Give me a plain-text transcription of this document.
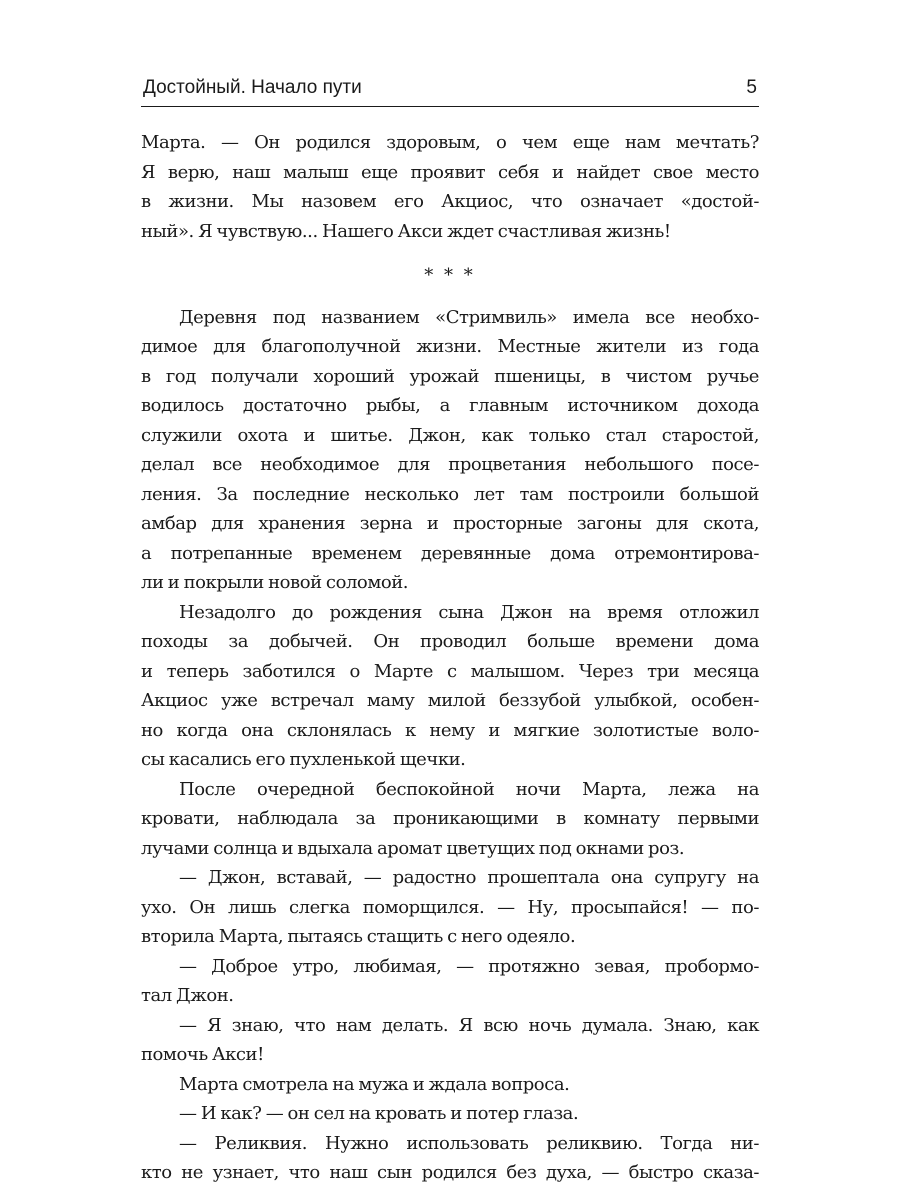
Достойный. Начало пути	5

Марта. — Он родился здоровым, о чем еще нам мечтать?

Я верю, наш малыш еще проявит себя и найдет свое место

в жизни. Мы назовем его Акциос, что означает «достой-

ный». Я чувствую... Нашего Акси ждет счастливая жизнь!

* * *

Деревня под названием «Стримвиль» имела все необхо-

димое для благополучной жизни. Местные жители из года

в год получали хороший урожай пшеницы, в чистом ручье

водилось достаточно рыбы, а главным источником дохода

служили охота и шитье. Джон, как только стал старостой,

делал все необходимое для процветания небольшого посе-

ления. За последние несколько лет там построили большой

амбар для хранения зерна и просторные загоны для скота,

а потрепанные временем деревянные дома отремонтирова-

ли и покрыли новой соломой.

Незадолго до рождения сына Джон на время отложил

походы за добычей. Он проводил больше времени дома

и теперь заботился о Марте с малышом. Через три месяца

Акциос уже встречал маму милой беззубой улыбкой, особен-

но когда она склонялась к нему и мягкие золотистые воло-

сы касались его пухленькой щечки.

После очередной беспокойной ночи Марта, лежа на

кровати, наблюдала за проникающими в комнату первыми

лучами солнца и вдыхала аромат цветущих под окнами роз.

— Джон, вставай, — радостно прошептала она супругу на

ухо. Он лишь слегка поморщился. — Ну, просыпайся! — по-

вторила Марта, пытаясь стащить с него одеяло.

— Доброе утро, любимая, — протяжно зевая, пробормо-

тал Джон.

— Я знаю, что нам делать. Я всю ночь думала. Знаю, как

помочь Акси!

Марта смотрела на мужа и ждала вопроса.

— И как? — он сел на кровать и потер глаза.

— Реликвия. Нужно использовать реликвию. Тогда ни-

кто не узнает, что наш сын родился без духа, — быстро сказа-
